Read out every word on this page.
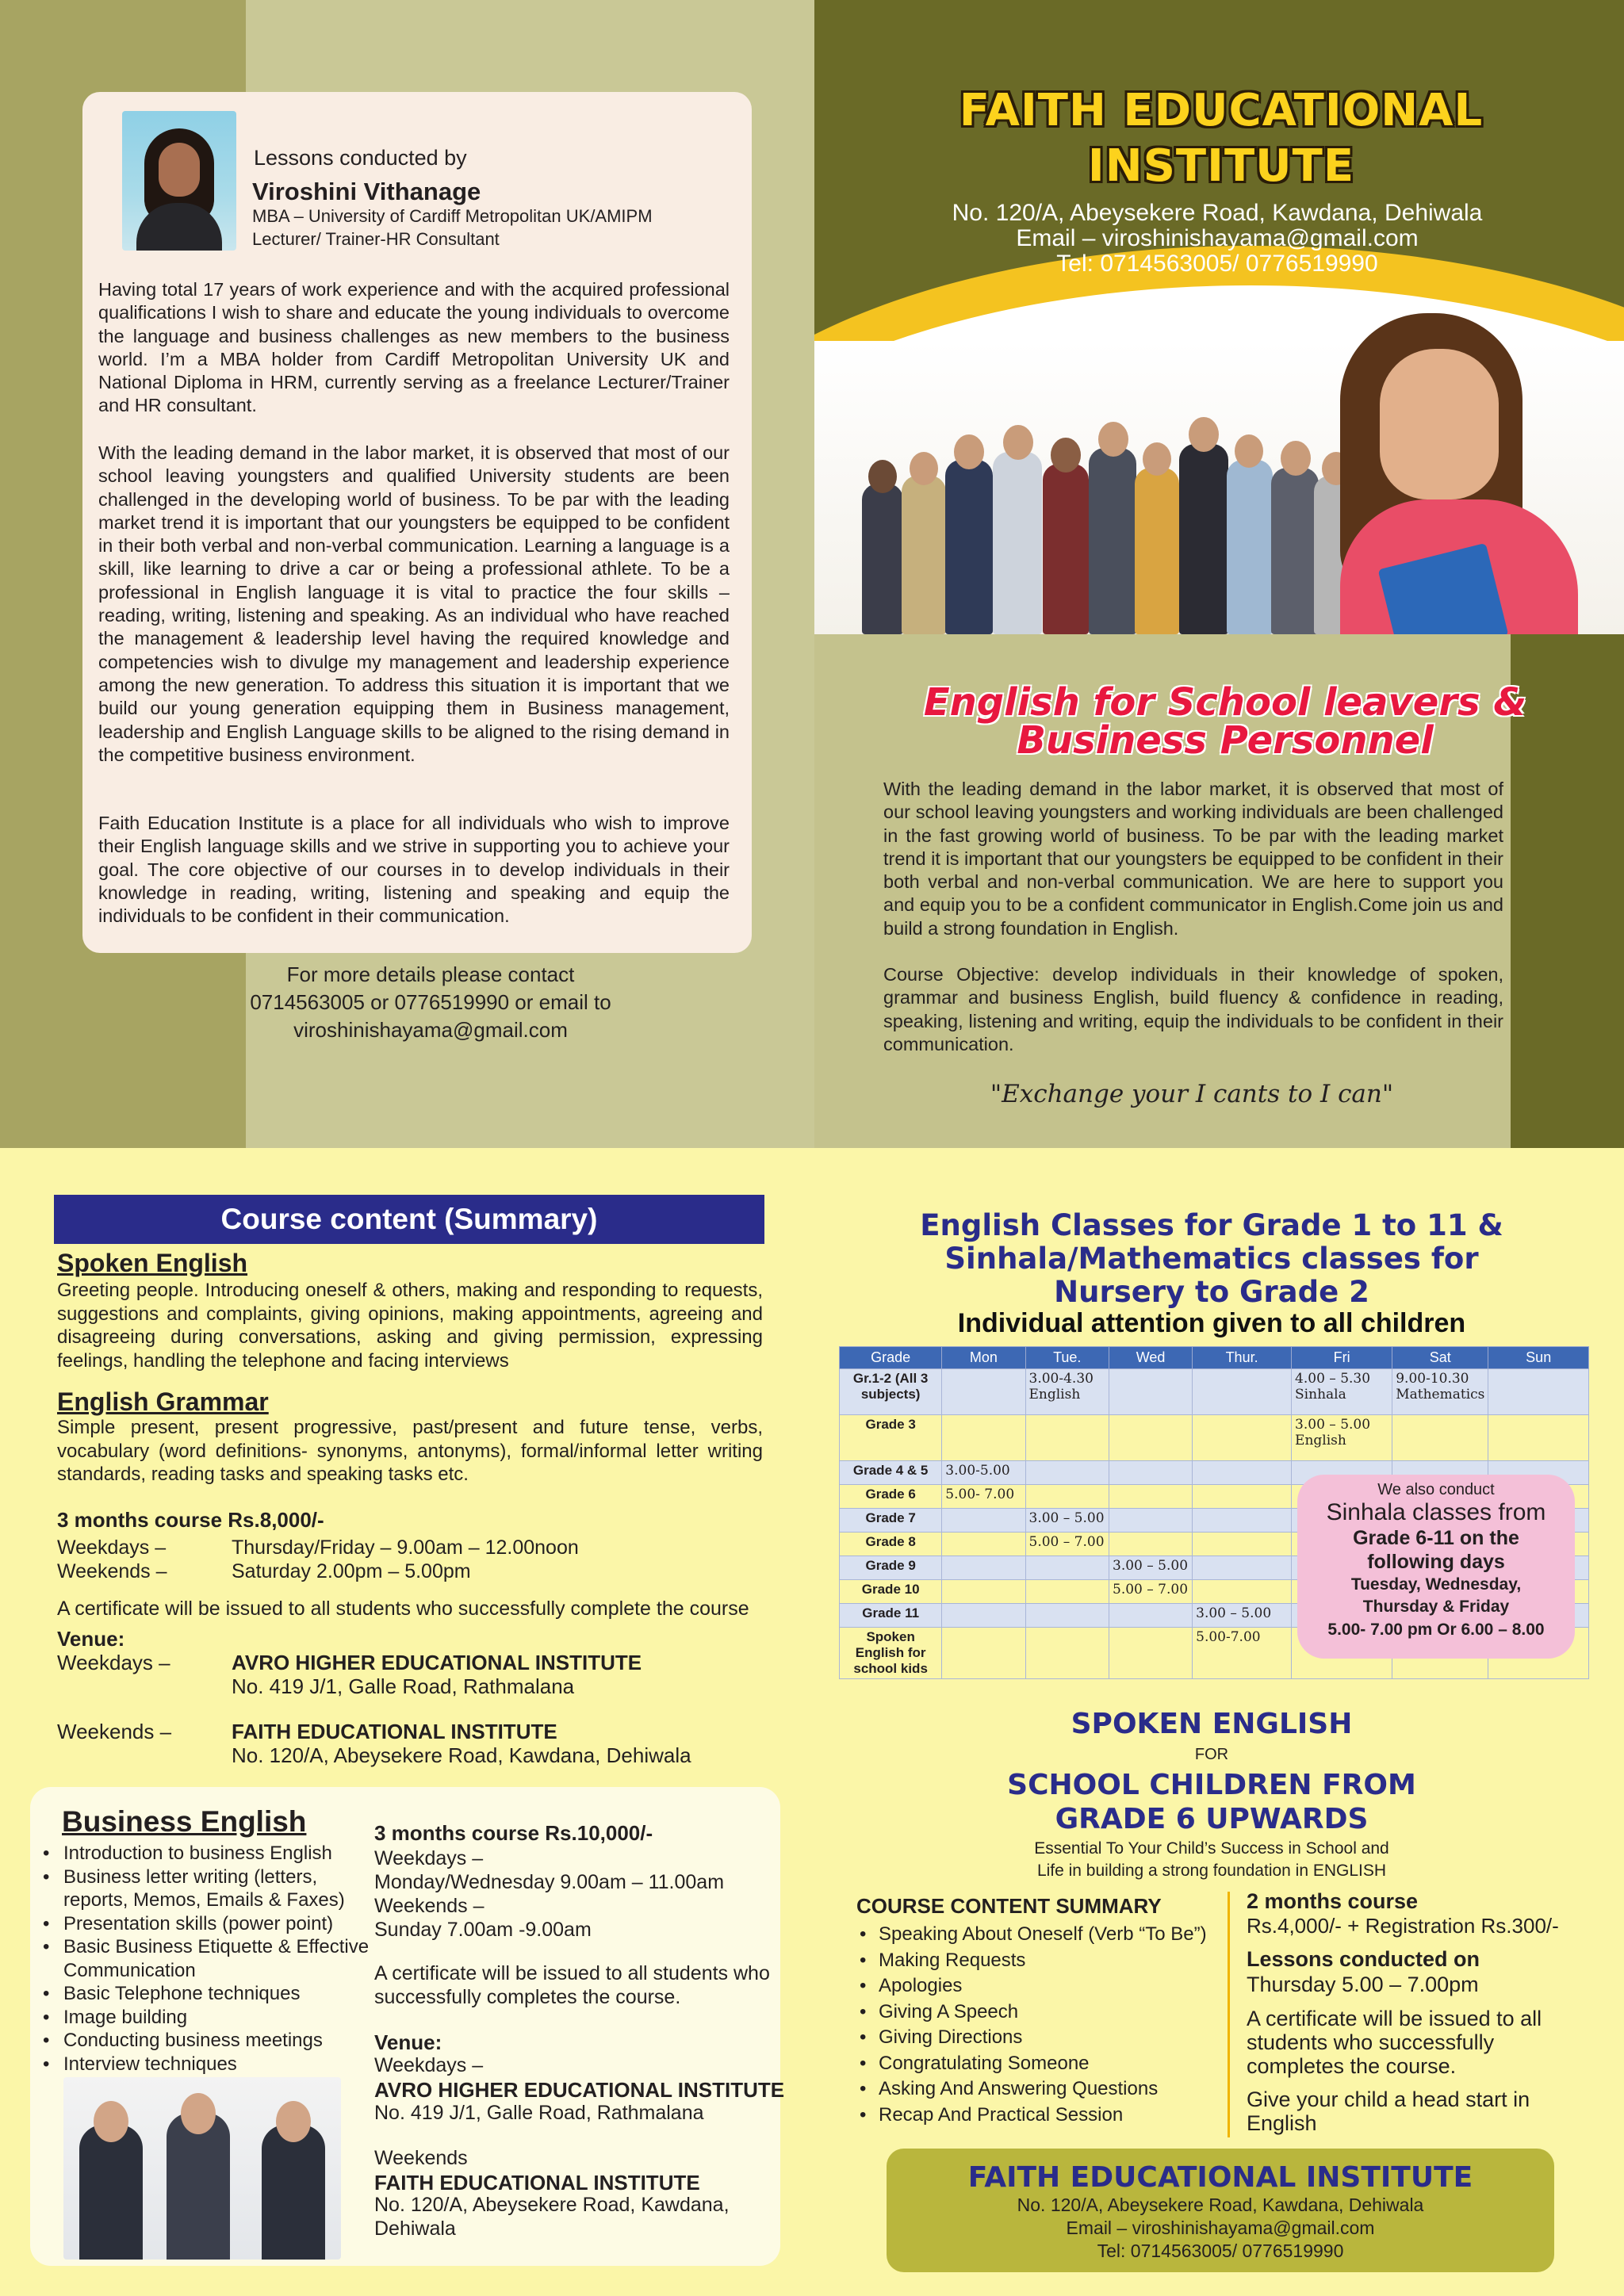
Lessons conducted by
Viroshini Vithanage
MBA – University of Cardiff Metropolitan UK/AMIPM
Lecturer/ Trainer-HR Consultant
Having total 17 years of work experience and with the acquired professional qualifications I wish to share and educate the young individuals to overcome the language and business challenges as new members to the business world. I’m a MBA holder from Cardiff Metropolitan University UK and National Diploma in HRM, currently serving as a freelance Lecturer/Trainer and HR consultant.
With the leading demand in the labor market, it is observed that most of our school leaving youngsters and qualified University students are been challenged in the developing world of business. To be par with the leading market trend it is important that our youngsters be equipped to be confident in their both verbal and non-verbal communication. Learning a language is a skill, like learning to drive a car or being a professional athlete. To be a professional in English language it is vital to practice the four skills – reading, writing, listening and speaking. As an individual who have reached the management & leadership level having the required knowledge and competencies wish to divulge my management and leadership experience among the new generation. To address this situation it is important that we build our young generation equipping them in Business management, leadership and English Language skills to be aligned to the rising demand in the competitive business environment.
Faith Education Institute is a place for all individuals who wish to improve their English language skills and we strive in supporting you to achieve your goal. The core objective of our courses in to develop individuals in their knowledge in reading, writing, listening and speaking and equip the individuals to be confident in their communication.
For more details please contact
0714563005 or 0776519990 or email to
viroshinishayama@gmail.com
FAITH EDUCATIONAL
INSTITUTE
No. 120/A, Abeysekere Road, Kawdana, Dehiwala
Email – viroshinishayama@gmail.com
Tel: 0714563005/ 0776519990
English for School leavers &
Business Personnel
With the leading demand in the labor market, it is observed that most of our school leaving youngsters and working individuals are been challenged in the fast growing world of business. To be par with the leading market trend it is important that our youngsters be equipped to be confident in their both verbal and non-verbal communication. We are here to support you and equip you to be a confident communicator in English.Come join us and build a strong foundation in English.
Course Objective: develop individuals in their knowledge of spoken, grammar and business English, build fluency & confidence in reading, speaking, listening and writing, equip the individuals to be confident in their communication.
"Exchange your I cants to I can"
Course content (Summary)
Spoken English
Greeting people. Introducing oneself & others, making and responding to requests, suggestions and complaints, giving opinions, making appointments, agreeing and disagreeing during conversations, asking and giving permission, expressing feelings, handling the telephone and facing interviews
English Grammar
Simple present, present progressive, past/present and future tense, verbs, vocabulary (word definitions- synonyms, antonyms), formal/informal letter writing standards, reading tasks and speaking tasks etc.
3 months course Rs.8,000/-
Weekdays –	Thursday/Friday – 9.00am – 12.00noon
Weekends –	Saturday 2.00pm – 5.00pm
A certificate will be issued to all students who successfully complete the course
Venue:
Weekdays –	AVRO HIGHER EDUCATIONAL INSTITUTE
No. 419 J/1, Galle Road, Rathmalana
Weekends –	FAITH EDUCATIONAL INSTITUTE
No. 120/A, Abeysekere Road, Kawdana, Dehiwala
Business English
• Introduction to business English
• Business letter writing (letters, reports, Memos, Emails & Faxes)
• Presentation skills (power point)
• Basic Business Etiquette & Effective Communication
• Basic Telephone techniques
• Image building
• Conducting business meetings
• Interview techniques
3 months course Rs.10,000/-
Weekdays –
Monday/Wednesday 9.00am – 11.00am
Weekends –
Sunday 7.00am -9.00am
A certificate will be issued to all students who successfully completes the course.
Venue:
Weekdays –
AVRO HIGHER EDUCATIONAL INSTITUTE
No. 419 J/1, Galle Road, Rathmalana
Weekends
FAITH EDUCATIONAL INSTITUTE
No. 120/A, Abeysekere Road, Kawdana, Dehiwala
English Classes for Grade 1 to 11 &
Sinhala/Mathematics classes for
Nursery to Grade 2
Individual attention given to all children
Grade	Mon	Tue.	Wed	Thur.	Fri	Sat	Sun
Gr.1-2 (All 3 subjects)		3.00-4.30 English			4.00 – 5.30 Sinhala	9.00-10.30 Mathematics	
Grade 3					3.00 – 5.00 English		
Grade 4 & 5	3.00-5.00						
Grade 6	5.00- 7.00						
Grade 7		3.00 – 5.00					
Grade 8		5.00 – 7.00					
Grade 9			3.00 – 5.00				
Grade 10			5.00 – 7.00				
Grade 11				3.00 – 5.00			
Spoken English for school kids				5.00-7.00			
We also conduct
Sinhala classes from
Grade 6-11 on the
following days
Tuesday, Wednesday,
Thursday & Friday
5.00- 7.00 pm Or 6.00 – 8.00
SPOKEN ENGLISH
FOR
SCHOOL CHILDREN FROM
GRADE 6 UPWARDS
Essential To Your Child’s Success in School and
Life in building a strong foundation in ENGLISH
COURSE CONTENT SUMMARY
• Speaking About Oneself (Verb “To Be”)
• Making Requests
• Apologies
• Giving A Speech
• Giving Directions
• Congratulating Someone
• Asking And Answering Questions
• Recap And Practical Session
2 months course
Rs.4,000/- + Registration Rs.300/-
Lessons conducted on
Thursday 5.00 – 7.00pm
A certificate will be issued to all students who successfully completes the course.
Give your child a head start in English
FAITH EDUCATIONAL INSTITUTE
No. 120/A, Abeysekere Road, Kawdana, Dehiwala
Email – viroshinishayama@gmail.com
Tel: 0714563005/ 0776519990
